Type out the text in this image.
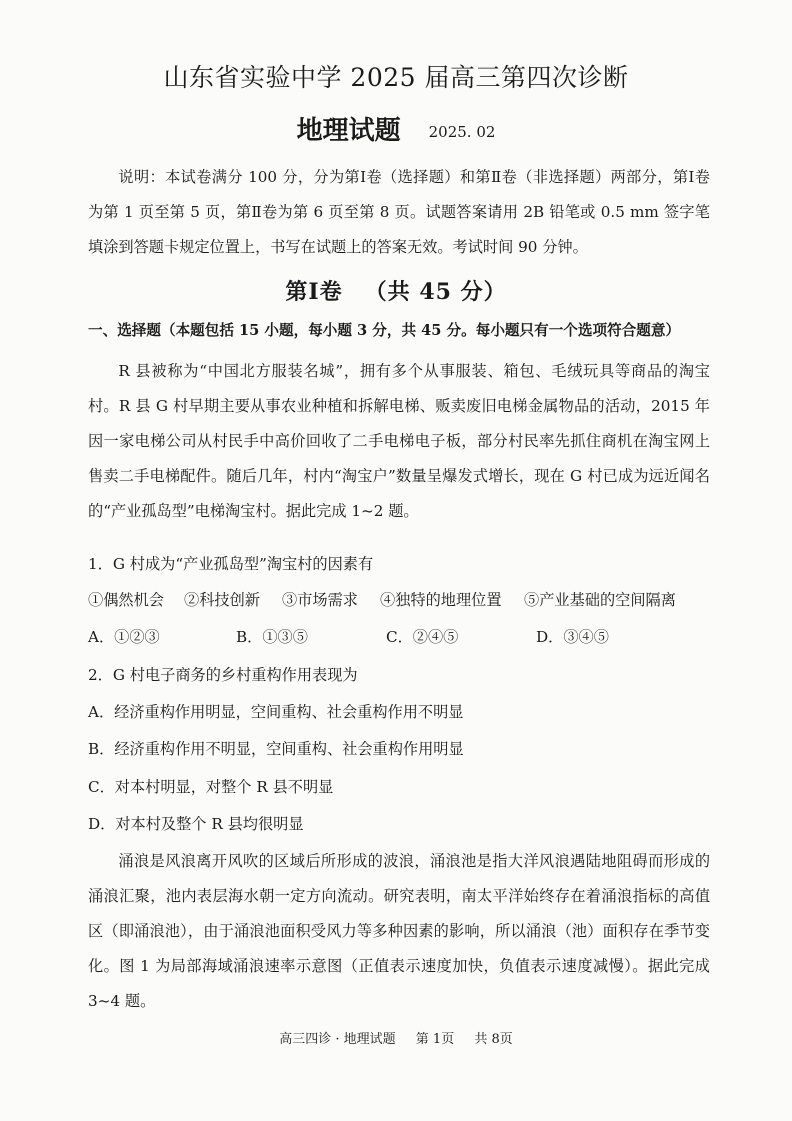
山东省实验中学 2025 届高三第四次诊断
地理试题 2025. 02
说明：本试卷满分 100 分，分为第Ⅰ卷（选择题）和第Ⅱ卷（非选择题）两部分，第Ⅰ卷为第 1 页至第 5 页，第Ⅱ卷为第 6 页至第 8 页。试题答案请用 2B 铅笔或 0.5 mm 签字笔填涂到答题卡规定位置上，书写在试题上的答案无效。考试时间 90 分钟。
第Ⅰ卷 （共 45 分）
一、选择题（本题包括 15 小题，每小题 3 分，共 45 分。每小题只有一个选项符合题意）
R 县被称为“中国北方服装名城”，拥有多个从事服装、箱包、毛绒玩具等商品的淘宝村。R 县 G 村早期主要从事农业种植和拆解电梯、贩卖废旧电梯金属物品的活动，2015 年因一家电梯公司从村民手中高价回收了二手电梯电子板，部分村民率先抓住商机在淘宝网上售卖二手电梯配件。随后几年，村内“淘宝户”数量呈爆发式增长，现在 G 村已成为远近闻名的“产业孤岛型”电梯淘宝村。据此完成 1~2 题。
1．G 村成为“产业孤岛型”淘宝村的因素有
①偶然机会 ②科技创新 ③市场需求 ④独特的地理位置 ⑤产业基础的空间隔离
A．①②③	B．①③⑤	C．②④⑤	D．③④⑤
2．G 村电子商务的乡村重构作用表现为
A．经济重构作用明显，空间重构、社会重构作用不明显
B．经济重构作用不明显，空间重构、社会重构作用明显
C．对本村明显，对整个 R 县不明显
D．对本村及整个 R 县均很明显
涌浪是风浪离开风吹的区域后所形成的波浪，涌浪池是指大洋风浪遇陆地阻碍而形成的涌浪汇聚，池内表层海水朝一定方向流动。研究表明，南太平洋始终存在着涌浪指标的高值区（即涌浪池），由于涌浪池面积受风力等多种因素的影响，所以涌浪（池）面积存在季节变化。图 1 为局部海域涌浪速率示意图（正值表示速度加快，负值表示速度减慢）。据此完成 3~4 题。
高三四诊 · 地理试题 第 1页 共 8页
